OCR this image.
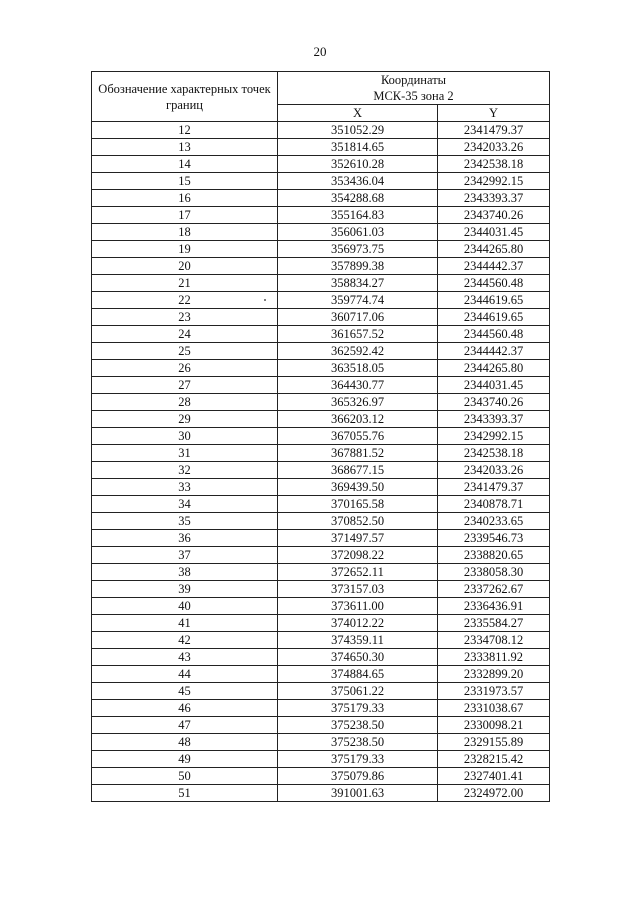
20
Обозначение характерных точек границ	Координаты
МСК-35 зона 2	
	X	Y
12	351052.29	2341479.37
13	351814.65	2342033.26
14	352610.28	2342538.18
15	353436.04	2342992.15
16	354288.68	2343393.37
17	355164.83	2343740.26
18	356061.03	2344031.45
19	356973.75	2344265.80
20	357899.38	2344442.37
21	358834.27	2344560.48
22	359774.74	2344619.65
23	360717.06	2344619.65
24	361657.52	2344560.48
25	362592.42	2344442.37
26	363518.05	2344265.80
27	364430.77	2344031.45
28	365326.97	2343740.26
29	366203.12	2343393.37
30	367055.76	2342992.15
31	367881.52	2342538.18
32	368677.15	2342033.26
33	369439.50	2341479.37
34	370165.58	2340878.71
35	370852.50	2340233.65
36	371497.57	2339546.73
37	372098.22	2338820.65
38	372652.11	2338058.30
39	373157.03	2337262.67
40	373611.00	2336436.91
41	374012.22	2335584.27
42	374359.11	2334708.12
43	374650.30	2333811.92
44	374884.65	2332899.20
45	375061.22	2331973.57
46	375179.33	2331038.67
47	375238.50	2330098.21
48	375238.50	2329155.89
49	375179.33	2328215.42
50	375079.86	2327401.41
51	391001.63	2324972.00
